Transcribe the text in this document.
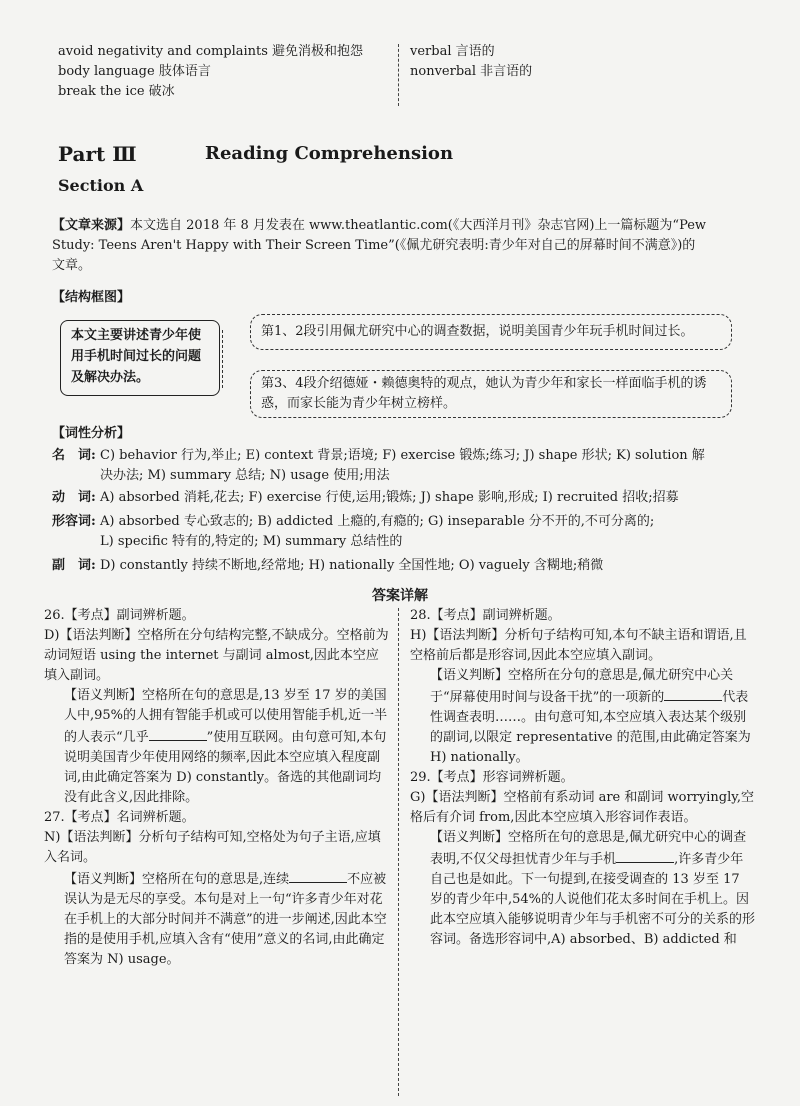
avoid negativity and complaints 避免消极和抱怨
body language 肢体语言
break the ice 破冰
verbal 言语的
nonverbal 非言语的
Part Ⅲ	Reading Comprehension
Section A
【文章来源】本文选自 2018 年 8 月发表在 www.theatlantic.com(《大西洋月刊》杂志官网)上一篇标题为“Pew
Study: Teens Aren't Happy with Their Screen Time”(《佩尤研究表明:青少年对自己的屏幕时间不满意》)的
文章。
【结构框图】
本文主要讲述青少年使用手机时间过长的问题及解决办法。
第1、2段引用佩尤研究中心的调查数据，说明美国青少年玩手机时间过长。
第3、4段介绍德娅・赖德奥特的观点，她认为青少年和家长一样面临手机的诱惑，而家长能为青少年树立榜样。
【词性分析】
名　词: C) behavior 行为,举止; E) context 背景;语境; F) exercise 锻炼;练习; J) shape 形状; K) solution 解
决办法; M) summary 总结; N) usage 使用;用法
动　词: A) absorbed 消耗,花去; F) exercise 行使,运用;锻炼; J) shape 影响,形成; I) recruited 招收;招募
形容词: A) absorbed 专心致志的; B) addicted 上瘾的,有瘾的; G) inseparable 分不开的,不可分离的;
L) specific 特有的,特定的; M) summary 总结性的
副　词: D) constantly 持续不断地,经常地; H) nationally 全国性地; O) vaguely 含糊地;稍微
答案详解

26.【考点】副词辨析题。

D)【语法判断】空格所在分句结构完整,不缺成分。空格前为动词短语 using the internet 与副词 almost,因此本空应填入副词。

【语义判断】空格所在句的意思是,13 岁至 17 岁的美国人中,95%的人拥有智能手机或可以使用智能手机,近一半的人表示“几乎	”使用互联网。由句意可知,本句说明美国青少年使用网络的频率,因此本空应填入程度副词,由此确定答案为 D) constantly。备选的其他副词均没有此含义,因此排除。

27.【考点】名词辨析题。

N)【语法判断】分析句子结构可知,空格处为句子主语,应填入名词。

【语义判断】空格所在句的意思是,连续	不应被误认为是无尽的享受。本句是对上一句“许多青少年对花在手机上的大部分时间并不满意”的进一步阐述,因此本空指的是使用手机,应填入含有“使用”意义的名词,由此确定答案为 N) usage。

28.【考点】副词辨析题。

H)【语法判断】分析句子结构可知,本句不缺主语和谓语,且空格前后都是形容词,因此本空应填入副词。

【语义判断】空格所在分句的意思是,佩尤研究中心关于“屏幕使用时间与设备干扰”的一项新的	代表性调查表明……。由句意可知,本空应填入表达某个级别的副词,以限定 representative 的范围,由此确定答案为 H) nationally。

29.【考点】形容词辨析题。

G)【语法判断】空格前有系动词 are 和副词 worryingly,空格后有介词 from,因此本空应填入形容词作表语。

【语义判断】空格所在句的意思是,佩尤研究中心的调查表明,不仅父母担忧青少年与手机	,许多青少年自己也是如此。下一句提到,在接受调查的 13 岁至 17 岁的青少年中,54%的人说他们花太多时间在手机上。因此本空应填入能够说明青少年与手机密不可分的关系的形容词。备选形容词中,A) absorbed、B) addicted 和
